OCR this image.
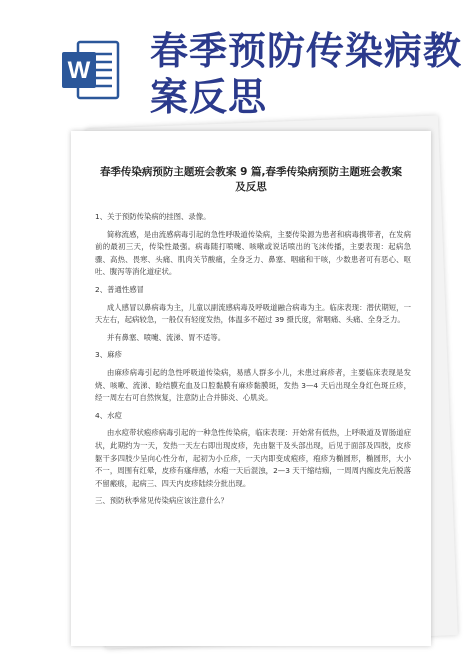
W 春季预防传染病教案反思
春季传染病预防主题班会教案 9 篇,春季传染病预防主题班会教案及反思

1、关于预防传染病的挂图、录像。

简称流感，是由流感病毒引起的急性呼吸道传染病，主要传染源为患者和病毒携带者，在发病前的最初三天，传染性最强。病毒随打喷嚏、咳嗽或说话喷出的飞沫传播，主要表现：起病急骤、高热、畏寒、头痛、肌肉关节酸痛，全身乏力、鼻塞、咽痛和干咳，少数患者可有恶心、呕吐、腹泻等消化道症状。

2、普通性感冒

成人感冒以鼻病毒为主，儿童以副流感病毒及呼吸道融合病毒为主。临床表现：潜伏期短，一天左右，起病较急，一般仅有轻度发热，体温多不超过 39 摄氏度，常咽痛、头痛、全身乏力。

并有鼻塞、喷嚏、流涕、胃不适等。

3、麻疹

由麻疹病毒引起的急性呼吸道传染病，易感人群多小儿，未患过麻疹者，主要临床表现是发烧、咳嗽、流涕、睑结膜充血及口腔黏膜有麻疹黏膜斑，发热 3—4 天后出现全身红色斑丘疹，经一周左右可自然恢复，注意防止合并肺炎、心肌炎。

4、水痘

由水痘带状疱疹病毒引起的一种急性传染病，临床表现：开始常有低热，上呼吸道及胃肠道症状，此期约为一天，发热一天左右即出现皮疹，先由躯干及头部出现，后见于面部及四肢，皮疹躯干多四肢少呈向心性分布，起初为小丘疹，一天内即变成疱疹，疱疹为椭圆形，椭圆形，大小不一，周围有红晕，皮疹有瘙痒感，水疱一天后混浊，2—3 天干缩结痂，一周周内痂皮先后脱落不留瘢痕，起病三、四天内皮疹陆续分批出现。

三、预防秋季常见传染病应该注意什么？
